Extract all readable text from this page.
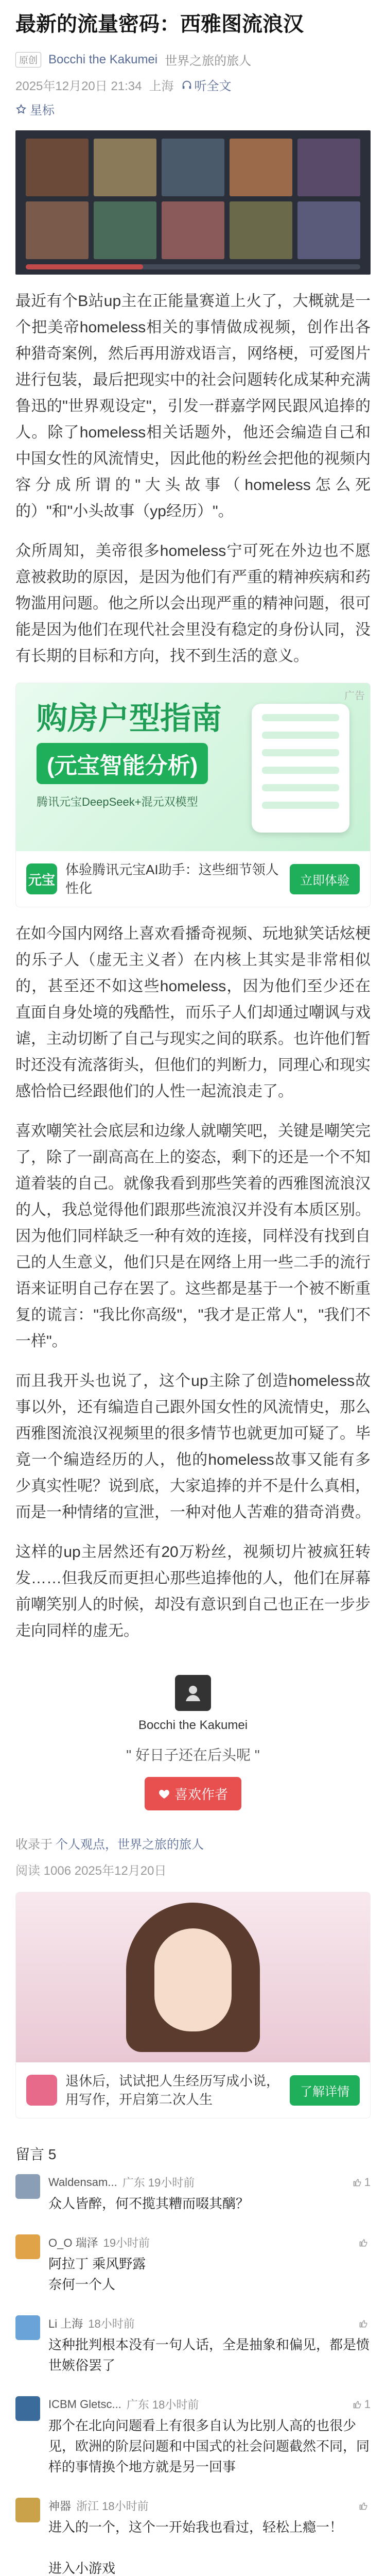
最新的流量密码：西雅图流浪汉
原创 Bocchi the Kakumei 世界之旅的旅人
2025年12月20日 21:34 上海 听全文
星标

最近有个B站up主在正能量赛道上火了，大概就是一个把美帝homeless相关的事情做成视频，创作出各种猎奇案例，然后再用游戏语言，网络梗，可爱图片进行包装，最后把现实中的社会问题转化成某种充满鲁迅的"世界观设定"，引发一群嘉学网民跟风追捧的人。除了homeless相关话题外，他还会编造自己和中国女性的风流情史，因此他的粉丝会把他的视频内容分成所谓的"大头故事（homeless怎么死的）"和"小头故事（yp经历）"。

众所周知，美帝很多homeless宁可死在外边也不愿意被救助的原因，是因为他们有严重的精神疾病和药物滥用问题。他之所以会出现严重的精神问题，很可能是因为他们在现代社会里没有稳定的身份认同，没有长期的目标和方向，找不到生活的意义。

广告
购房户型指南
(元宝智能分析)
腾讯元宝DeepSeek+混元双模型
元宝
体验腾讯元宝AI助手：这些细节领人性化	立即体验

在如今国内网络上喜欢看播奇视频、玩地狱笑话炫梗的乐子人（虚无主义者）在内核上其实是非常相似的，甚至还不如这些homeless，因为他们至少还在直面自身处境的残酷性，而乐子人们却通过嘲讽与戏谑，主动切断了自己与现实之间的联系。也许他们暂时还没有流落街头，但他们的判断力，同理心和现实感恰恰已经跟他们的人性一起流浪走了。

喜欢嘲笑社会底层和边缘人就嘲笑吧，关键是嘲笑完了，除了一副高高在上的姿态，剩下的还是一个不知道着装的自己。就像我看到那些笑着的西雅图流浪汉的人，我总觉得他们跟那些流浪汉并没有本质区别。因为他们同样缺乏一种有效的连接，同样没有找到自己的人生意义，他们只是在网络上用一些二手的流行语来证明自己存在罢了。这些都是基于一个被不断重复的谎言："我比你高级"，"我才是正常人"，"我们不一样"。

而且我开头也说了，这个up主除了创造homeless故事以外，还有编造自己跟外国女性的风流情史，那么西雅图流浪汉视频里的很多情节也就更加可疑了。毕竟一个编造经历的人，他的homeless故事又能有多少真实性呢？说到底，大家追捧的并不是什么真相，而是一种情绪的宣泄，一种对他人苦难的猎奇消费。

这样的up主居然还有20万粉丝，视频切片被疯狂转发……但我反而更担心那些追捧他的人，他们在屏幕前嘲笑别人的时候，却没有意识到自己也正在一步步走向同样的虚无。

Bocchi the Kakumei
" 好日子还在后头呢 "
喜欢作者
收录于 个人观点，世界之旅的旅人
阅读 1006 2025年12月20日
退休后，试试把人生经历写成小说，用写作，开启第二次人生	了解详情
留言 5
Waldensam... 广东 19小时前	1
众人皆醉，何不揽其糟而啜其醨？
O_O 瑞泽 19小时前
阿拉丁 乘风野露
奈何一个人
Li 上海 18小时前
这种批判根本没有一句人话，全是抽象和偏见，都是愤世嫉俗罢了
ICBM Gletsc... 广东 18小时前	1
那个在北向问题看上有很多自认为比别人高的也很少见，欧洲的阶层问题和中国式的社会问题截然不同，同样的事情换个地方就是另一回事
神器 浙江 18小时前
进入的一个，这个一开始我也看过，轻松上瘾一！

进入小游戏
